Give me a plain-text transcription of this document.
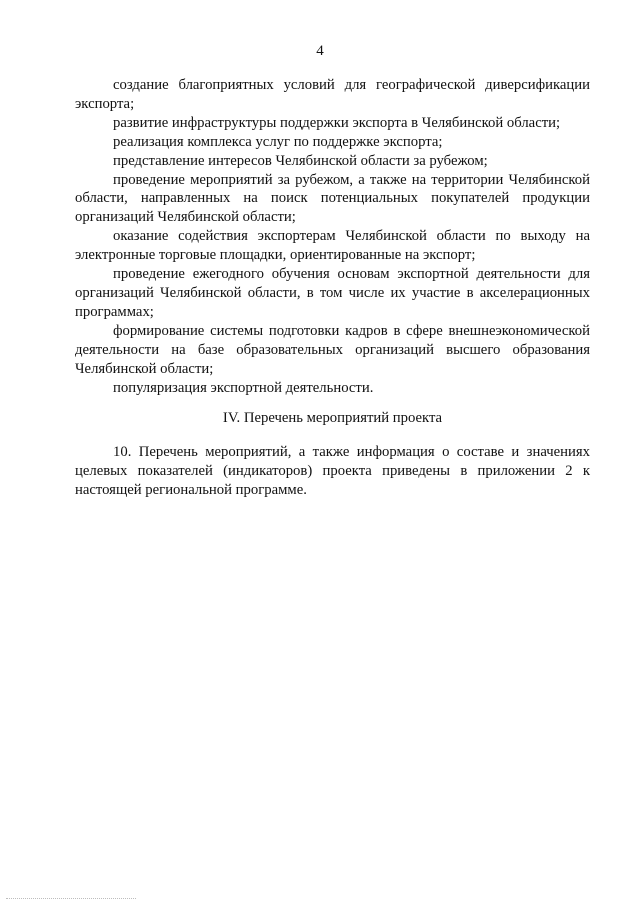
4

создание благоприятных условий для географической диверсификации экспорта;

развитие инфраструктуры поддержки экспорта в Челябинской области;

реализация комплекса услуг по поддержке экспорта;

представление интересов Челябинской области за рубежом;

проведение мероприятий за рубежом, а также на территории Челябинской области, направленных на поиск потенциальных покупателей продукции организаций Челябинской области;

оказание содействия экспортерам Челябинской области по выходу на электронные торговые площадки, ориентированные на экспорт;

проведение ежегодного обучения основам экспортной деятельности для организаций Челябинской области, в том числе их участие в акселерационных программах;

формирование системы подготовки кадров в сфере внешнеэкономической деятельности на базе образовательных организаций высшего образования Челябинской области;

популяризация экспортной деятельности.

IV. Перечень мероприятий проекта

10. Перечень мероприятий, а также информация о составе и значениях целевых показателей (индикаторов) проекта приведены в приложении 2 к настоящей региональной программе.
